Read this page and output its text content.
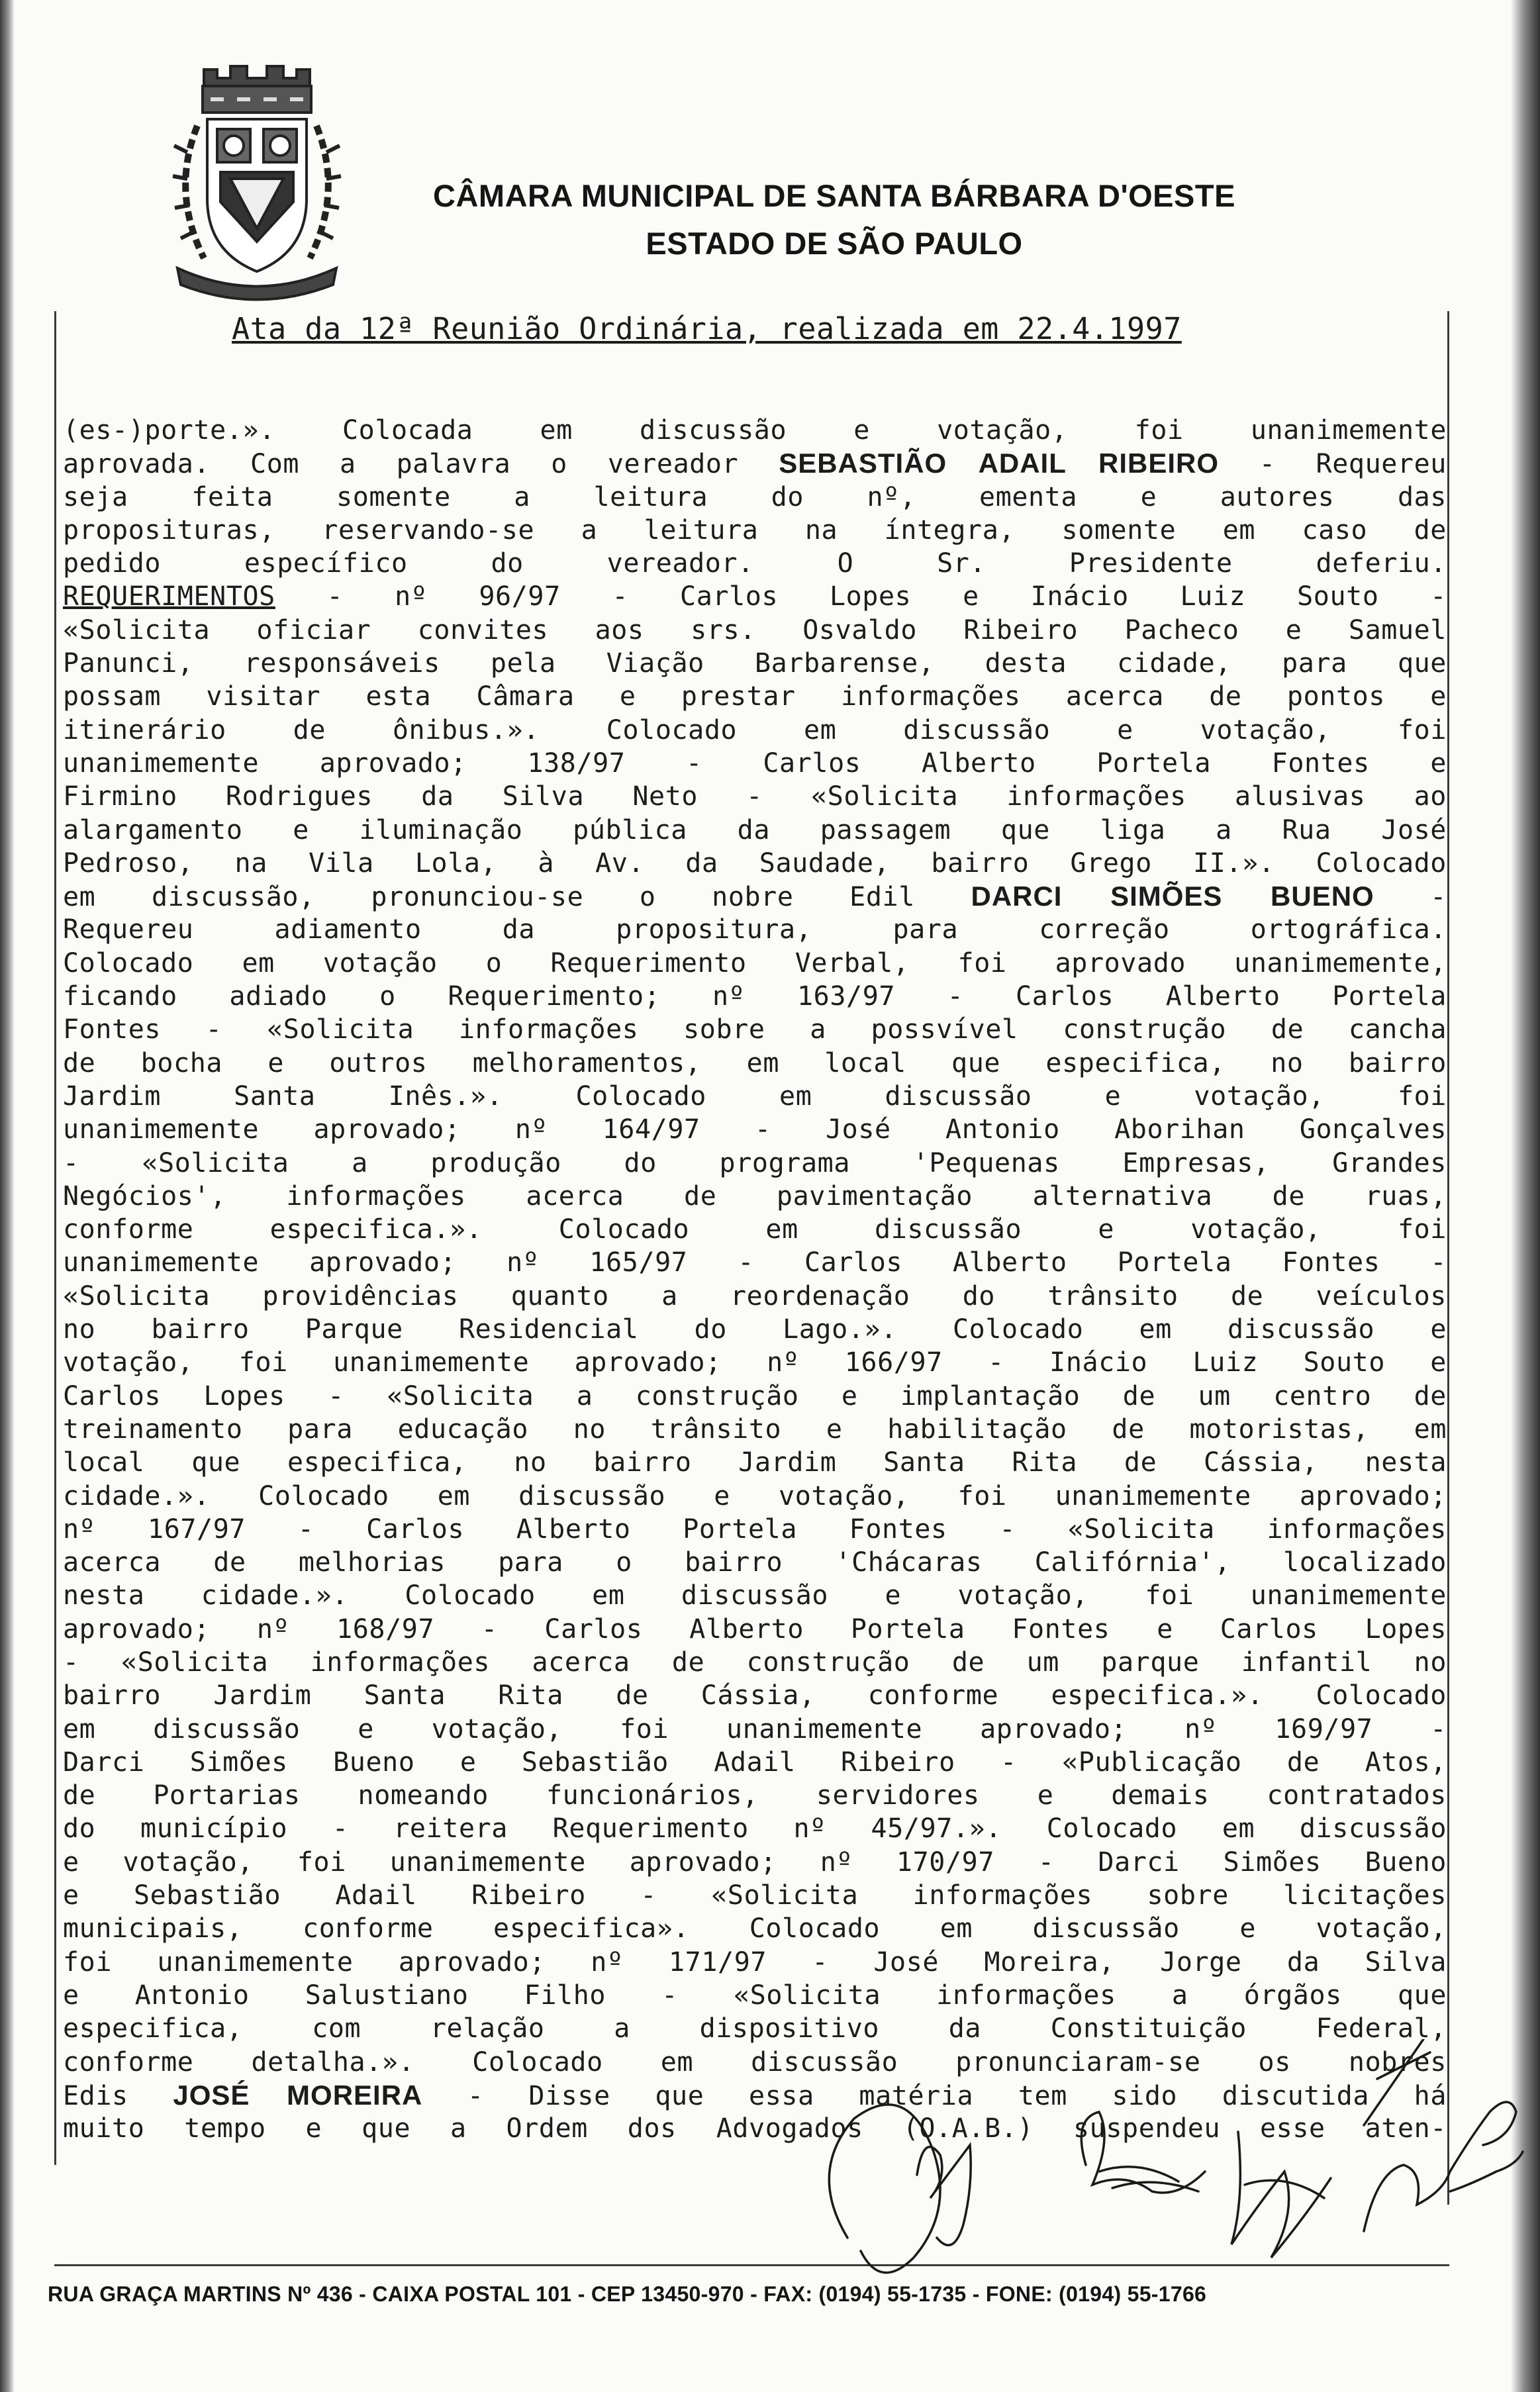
CÂMARA MUNICIPAL DE SANTA BÁRBARA D'OESTE
ESTADO DE SÃO PAULO
Ata da 12ª Reunião Ordinária, realizada em 22.4.1997
(es-)porte.». Colocada em discussão e votação, foi unanimemente
aprovada. Com a palavra o vereador SEBASTIÃO ADAIL RIBEIRO - Requereu
seja feita somente a leitura do nº, ementa e autores das
proposituras, reservando-se a leitura na íntegra, somente em caso de
pedido específico do vereador. O Sr. Presidente deferiu.
REQUERIMENTOS - nº 96/97 - Carlos Lopes e Inácio Luiz Souto -
«Solicita oficiar convites aos srs. Osvaldo Ribeiro Pacheco e Samuel
Panunci, responsáveis pela Viação Barbarense, desta cidade, para que
possam visitar esta Câmara e prestar informações acerca de pontos e
itinerário de ônibus.». Colocado em discussão e votação, foi
unanimemente aprovado; 138/97 - Carlos Alberto Portela Fontes e
Firmino Rodrigues da Silva Neto - «Solicita informações alusivas ao
alargamento e iluminação pública da passagem que liga a Rua José
Pedroso, na Vila Lola, à Av. da Saudade, bairro Grego II.». Colocado
em discussão, pronunciou-se o nobre Edil DARCI SIMÕES BUENO -
Requereu adiamento da propositura, para correção ortográfica.
Colocado em votação o Requerimento Verbal, foi aprovado unanimemente,
ficando adiado o Requerimento; nº 163/97 - Carlos Alberto Portela
Fontes - «Solicita informações sobre a possvível construção de cancha
de bocha e outros melhoramentos, em local que especifica, no bairro
Jardim Santa Inês.». Colocado em discussão e votação, foi
unanimemente aprovado; nº 164/97 - José Antonio Aborihan Gonçalves
- «Solicita a produção do programa 'Pequenas Empresas, Grandes
Negócios', informações acerca de pavimentação alternativa de ruas,
conforme especifica.». Colocado em discussão e votação, foi
unanimemente aprovado; nº 165/97 - Carlos Alberto Portela Fontes -
«Solicita providências quanto a reordenação do trânsito de veículos
no bairro Parque Residencial do Lago.». Colocado em discussão e
votação, foi unanimemente aprovado; nº 166/97 - Inácio Luiz Souto e
Carlos Lopes - «Solicita a construção e implantação de um centro de
treinamento para educação no trânsito e habilitação de motoristas, em
local que especifica, no bairro Jardim Santa Rita de Cássia, nesta
cidade.». Colocado em discussão e votação, foi unanimemente aprovado;
nº 167/97 - Carlos Alberto Portela Fontes - «Solicita informações
acerca de melhorias para o bairro 'Chácaras Califórnia', localizado
nesta cidade.». Colocado em discussão e votação, foi unanimemente
aprovado; nº 168/97 - Carlos Alberto Portela Fontes e Carlos Lopes
- «Solicita informações acerca de construção de um parque infantil no
bairro Jardim Santa Rita de Cássia, conforme especifica.». Colocado
em discussão e votação, foi unanimemente aprovado; nº 169/97 -
Darci Simões Bueno e Sebastião Adail Ribeiro - «Publicação de Atos,
de Portarias nomeando funcionários, servidores e demais contratados
do município - reitera Requerimento nº 45/97.». Colocado em discussão
e votação, foi unanimemente aprovado; nº 170/97 - Darci Simões Bueno
e Sebastião Adail Ribeiro - «Solicita informações sobre licitações
municipais, conforme especifica». Colocado em discussão e votação,
foi unanimemente aprovado; nº 171/97 - José Moreira, Jorge da Silva
e Antonio Salustiano Filho - «Solicita informações a órgãos que
especifica, com relação a dispositivo da Constituição Federal,
conforme detalha.». Colocado em discussão pronunciaram-se os nobres
Edis JOSÉ MOREIRA - Disse que essa matéria tem sido discutida há
muito tempo e que a Ordem dos Advogados (O.A.B.) suspendeu esse aten-
RUA GRAÇA MARTINS Nº 436 - CAIXA POSTAL 101 - CEP 13450-970 - FAX: (0194) 55-1735 - FONE: (0194) 55-1766
